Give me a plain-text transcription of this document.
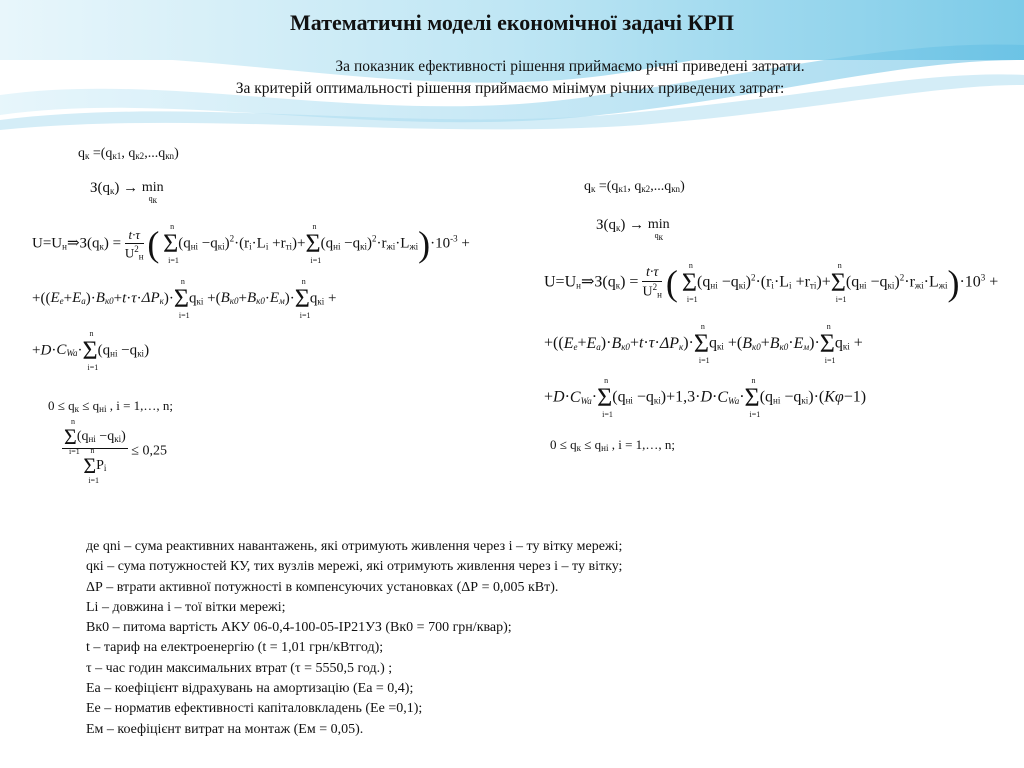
Математичні моделі економічної задачі КРП
За показник ефективності рішення приймаємо річні приведені затрати.
За критерій оптимальності рішення приймаємо мінімум річних приведених затрат:
$q_к =(q_{к1}$, $q_{к2},...q_{кn}$)
$З(q_к) \to \min$
$q_к$
$U=U_н\Rightarrow З(q_к) = \frac{t\cdot\tau}{U^2_н}$ ( Σ
n
i=1
$(q_{ні} -q_{кі})^2\cdot(r_і\cdot L_і +r_{ті})+\Sigma$
n
i=1
$(q_{ні} -q_{кі})^2\cdot r_{жі}\cdot L_{жі})\cdot 10^{-3}$ +
$+((E_е+E_а)\cdot B_{к0}+t\cdot\tau\cdot\Delta P_к)\cdot\Sigma$
n
i=1
$q_{кі} +(B_{к0}+B_{к0}\cdot E_м)\cdot\Sigma$
n
i=1
$q_{кі}$ +
$+D\cdot C_{Wa}\cdot\Sigma$
n
i=1
$(q_{ні} -q_{кі})$
$0 \le q_к \le q_{ні}$ , i = 1,…, n;
Σ
n
i=1
$(q_{ні} -q_{кі})$
Σ
n
i=1
$P_і \le 0,25$
$q_к =(q_{к1}$, $q_{к2},...q_{кn}$)
$З(q_к) \to \min$
$q_к$
$U=U_н\Rightarrow З(q_к) = \frac{t\cdot\tau}{U^2_н}$ ( Σ
n
i=1
$(q_{ні} -q_{кі})^2\cdot(r_і\cdot L_і +r_{ті})+\Sigma$
n
i=1
$(q_{ні} -q_{кі})^2\cdot r_{жі}\cdot L_{жі})\cdot 10^3$ +
$+((E_е+E_а)\cdot B_{к0}+t\cdot\tau\cdot\Delta P_к)\cdot\Sigma$
n
i=1
$q_{кі} +(B_{к0}+B_{к0}\cdot E_м)\cdot\Sigma$
n
i=1
$q_{кі}$ +
$+D\cdot C_{Wa}\cdot\Sigma$
n
i=1
$(q_{ні} -q_{кі})+1,3\cdot D\cdot C_{Wa}\cdot\Sigma$
n
i=1
$(q_{ні} -q_{кі})\cdot(K\varphi-1)$
$0 \le q_к \le q_{ні}$ , i = 1,…, n;
де qnі – сума реактивних навантажень, які отримують живлення через і – ту вітку мережі;
qкі – сума потужностей КУ, тих вузлів мережі, які отримують живлення через і – ту вітку;
ΔР – втрати активної потужності в компенсуючих установках (ΔР = 0,005 кВт).
Lі – довжина і – тої вітки мережі;
Вк0 – питома вартість АКУ 06-0,4-100-05-ІР21УЗ (Вк0 = 700 грн/квар);
t – тариф на електроенергію (t = 1,01 грн/кВтгод);
τ – час годин максимальних втрат (τ = 5550,5 год.) ;
Еа – коефіцієнт відрахувань на амортизацію (Еа = 0,4);
Ее – норматив ефективності капіталовкладень (Ее =0,1);
Ем – коефіцієнт витрат на монтаж (Ем = 0,05).
